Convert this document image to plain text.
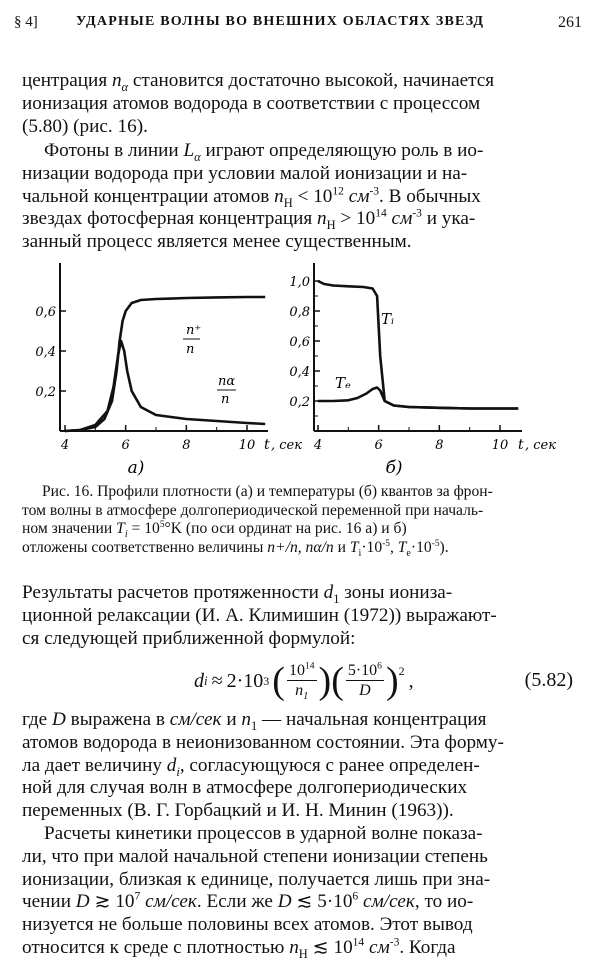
§ 4]	УДАРНЫЕ ВОЛНЫ ВО ВНЕШНИХ ОБЛАСТЯХ ЗВЕЗД	261
центрация $n_\alpha$ становится достаточно высокой, начинается
ионизация атомов водорода в соответствии с процессом
(5.80) (рис. 16).
Фотоны в линии $L_\alpha$ играют определяющую роль в ио-
низации водорода при условии малой ионизации и на-
чальной концентрации атомов $n_H < 10^{12}$ $см^{-3}$. В обычных
звездах фотосферная концентрация $n_H > 10^{14}$ $см^{-3}$ и ука-
занный процесс является менее существенным.
0,2
0,4
0,6
4	6	8	10 t , сек
а)
n⁺
n
nα
n	0,2
0,4
0,6
0,8
1,0
4	6	8	10 t , сек
б)
Tᵢ
Tₑ
Рис. 16. Профили плотности (а) и температуры (б) квантов за фрон-
том волны в атмосфере долгопериодической переменной при началь-
ном значении $T_i = 10^5^\circ K$ (по оси ординат на рис. 16 а) и б)
отложены соответственно величины n+/n, nα/n и $T_i\cdot 10^{-5}$, $T_e\cdot 10^{-5}$).
Результаты расчетов протяженности $d_1$ зоны иониза-
ционной релаксации (И. А. Климишин (1972)) выражают-
ся следующей приближенной формулой:
d i ≈ 2·10 3 ( $\frac{10^{14}}{n_1}$ ) ( $\frac{5\cdot 10^6}{D} )^2$ ,	(5.82)
где D выражена в см/сек и $n_1$ — начальная концентрация
атомов водорода в неионизованном состоянии. Эта форму-
ла дает величину $d_i$, согласующуюся с ранее определен-
ной для случая волн в атмосфере долгопериодических
переменных (В. Г. Горбацкий и И. Н. Минин (1963)).
Расчеты кинетики процессов в ударной волне показа-
ли, что при малой начальной степени ионизации степень
ионизации, близкая к единице, получается лишь при зна-
чении D ≳ $10^7$ см/сек. Если же D ≲ $5\cdot 10^6$ см/сек, то ио-
низуется не больше половины всех атомов. Этот вывод
относится к среде с плотностью $n_H$ ≲ $10^{14}$ $см^{-3}$. Когда
